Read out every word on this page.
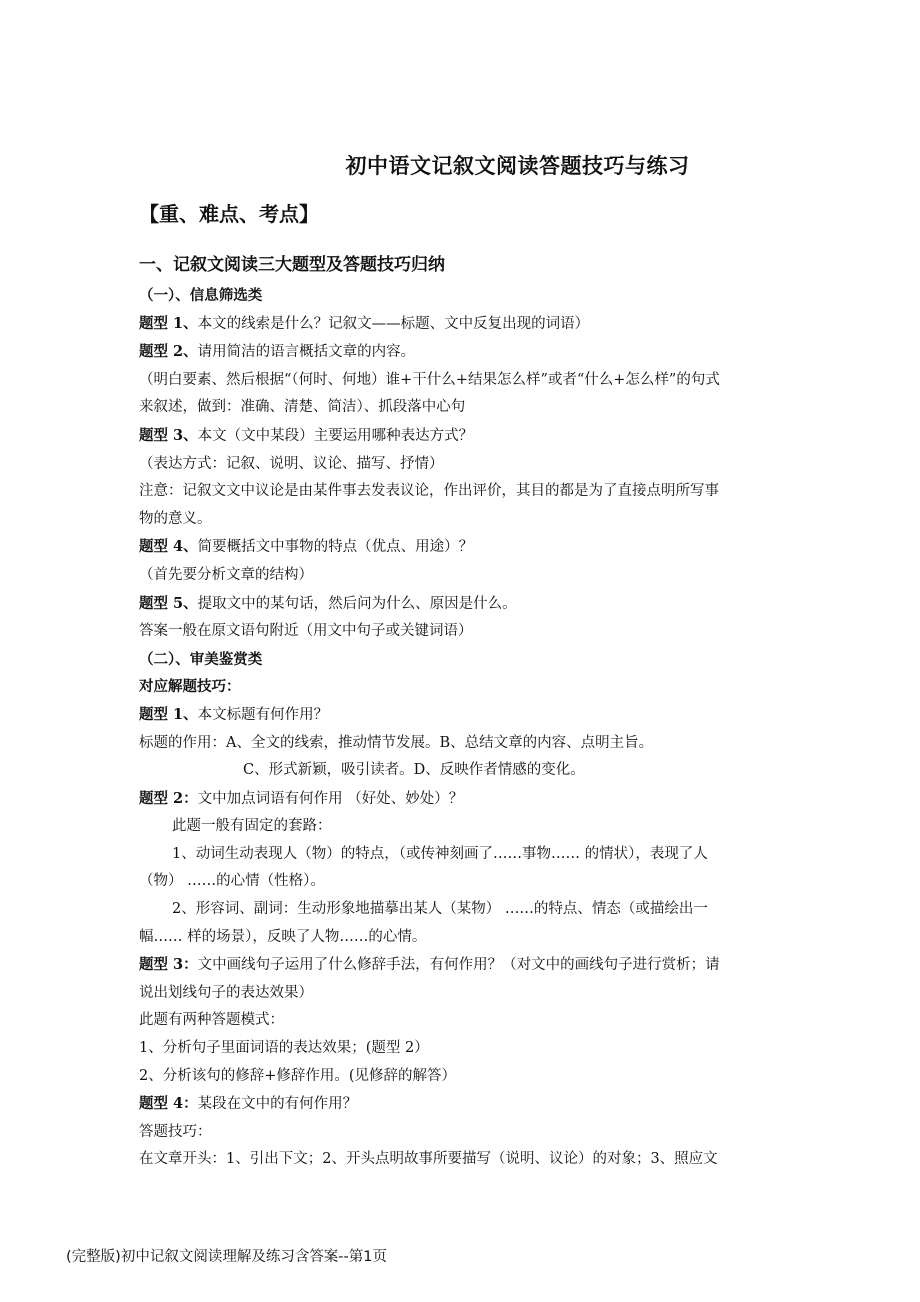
初中语文记叙文阅读答题技巧与练习
【重、难点、考点】
一、记叙文阅读三大题型及答题技巧归纳

（一）、信息筛选类

题型 1、本文的线索是什么？记叙文——标题、文中反复出现的词语）

题型 2、请用简洁的语言概括文章的内容。

（明白要素、然后根据“（何时、何地）谁+干什么+结果怎么样”或者“什么+怎么样”的句式

来叙述，做到：准确、清楚、简洁）、抓段落中心句

题型 3、本文（文中某段）主要运用哪种表达方式？

（表达方式：记叙、说明、议论、描写、抒情）

注意：记叙文文中议论是由某件事去发表议论，作出评价，其目的都是为了直接点明所写事

物的意义。

题型 4、简要概括文中事物的特点（优点、用途）？

（首先要分析文章的结构）

题型 5、提取文中的某句话，然后问为什么、原因是什么。

答案一般在原文语句附近（用文中句子或关键词语）

（二）、审美鉴赏类

对应解题技巧：

题型 1、本文标题有何作用？

标题的作用：A、全文的线索，推动情节发展。B、总结文章的内容、点明主旨。

C、形式新颖，吸引读者。D、反映作者情感的变化。

题型 2：文中加点词语有何作用 （好处、妙处）？

此题一般有固定的套路：

1、动词生动表现人（物）的特点，（或传神刻画了……事物…… 的情状），表现了人

（物） ……的心情（性格）。

2、形容词、副词：生动形象地描摹出某人（某物） ……的特点、情态（或描绘出一

幅…… 样的场景），反映了人物……的心情。

题型 3：文中画线句子运用了什么修辞手法，有何作用？（对文中的画线句子进行赏析；请

说出划线句子的表达效果）

此题有两种答题模式：

1、分析句子里面词语的表达效果；(题型 2）

2、分析该句的修辞+修辞作用。(见修辞的解答）

题型 4：某段在文中的有何作用？

答题技巧：

在文章开头：1、引出下文；2、开头点明故事所要描写（说明、议论）的对象；3、照应文

(完整版)初中记叙文阅读理解及练习含答案--第1页
